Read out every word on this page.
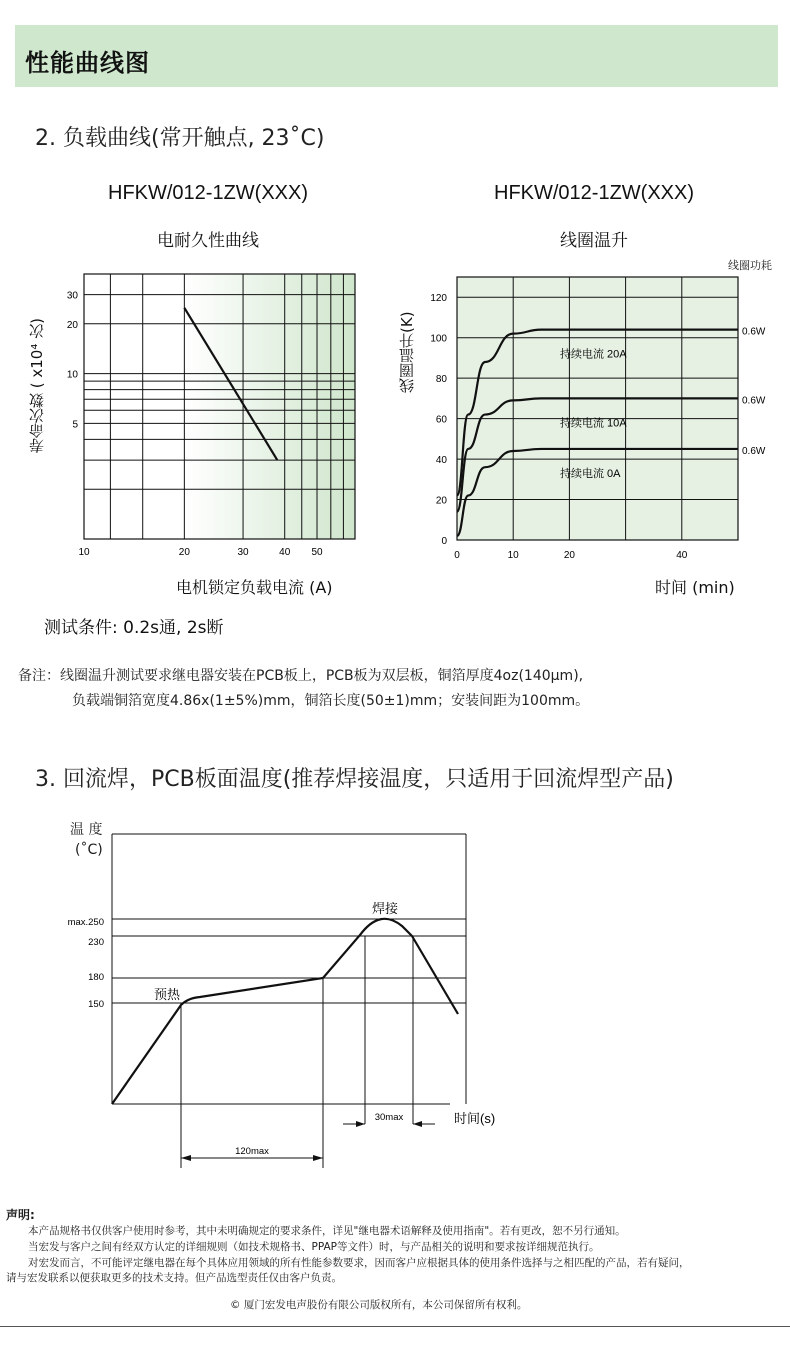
性能曲线图
2. 负载曲线(常开触点, 23˚C)
HFKW/012-1ZW(XXX)	HFKW/012-1ZW(XXX)
电耐久性曲线	线圈温升
线圈功耗
寿命次数 ( x10⁴ 次)	线圈温升(K)
10	20	30	40 50
30
20
10
5
电机锁定负载电流 (A)
0	10	20	40
0
20
40
60
80
100
120
持续电流 20A
0.6W
持续电流 10A
0.6W
持续电流 0A
0.6W
时间 (min)
测试条件: 0.2s通, 2s断
备注：线圈温升测试要求继电器安装在PCB板上，PCB板为双层板，铜箔厚度4oz(140μm),
负载端铜箔宽度4.86x(1±5%)mm，铜箔长度(50±1)mm；安装间距为100mm。
3. 回流焊，PCB板面温度(推荐焊接温度，只适用于回流焊型产品)
温 度
(˚C)
max.250
230
180
150
预热
焊接
时间(s)
30max
120max
声明:
本产品规格书仅供客户使用时参考，其中未明确规定的要求条件，详见"继电器术语解释及使用指南"。若有更改，恕不另行通知。
当宏发与客户之间有经双方认定的详细规则（如技术规格书、PPAP等文件）时，与产品相关的说明和要求按详细规范执行。
对宏发而言，不可能评定继电器在每个具体应用领域的所有性能参数要求，因而客户应根据具体的使用条件选择与之相匹配的产品，若有疑问，
请与宏发联系以便获取更多的技术支持。但产品选型责任仅由客户负责。
© 厦门宏发电声股份有限公司版权所有，本公司保留所有权利。
